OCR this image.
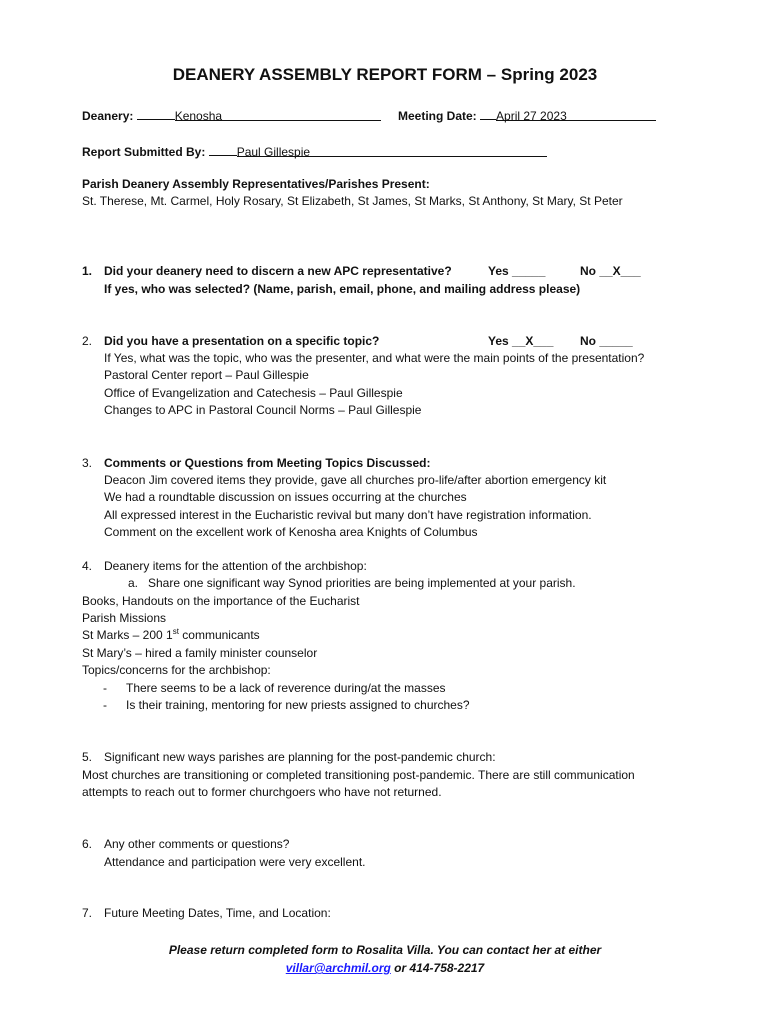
DEANERY ASSEMBLY REPORT FORM – Spring 2023
Deanery:	Kenosha	Meeting Date: April 27 2023
Report Submitted By:	Paul Gillespie
Parish Deanery Assembly Representatives/Parishes Present:
St. Therese, Mt. Carmel, Holy Rosary, St Elizabeth, St James, St Marks, St Anthony, St Mary, St Peter
1. Did your deanery need to discern a new APC representative?	Yes _____	No __X___
If yes, who was selected? (Name, parish, email, phone, and mailing address please)
2. Did you have a presentation on a specific topic?	Yes __X___ No _____
If Yes, what was the topic, who was the presenter, and what were the main points of the presentation?
Pastoral Center report – Paul Gillespie
Office of Evangelization and Catechesis – Paul Gillespie
Changes to APC in Pastoral Council Norms – Paul Gillespie
3. Comments or Questions from Meeting Topics Discussed:
Deacon Jim covered items they provide, gave all churches pro-life/after abortion emergency kit
We had a roundtable discussion on issues occurring at the churches
All expressed interest in the Eucharistic revival but many don’t have registration information.
Comment on the excellent work of Kenosha area Knights of Columbus
4. Deanery items for the attention of the archbishop:
a. Share one significant way Synod priorities are being implemented at your parish.
Books, Handouts on the importance of the Eucharist
Parish Missions
St Marks – 200 1st communicants
St Mary’s – hired a family minister counselor
Topics/concerns for the archbishop:
- There seems to be a lack of reverence during/at the masses
- Is their training, mentoring for new priests assigned to churches?
5. Significant new ways parishes are planning for the post-pandemic church:
Most churches are transitioning or completed transitioning post-pandemic. There are still communication
attempts to reach out to former churchgoers who have not returned.
6. Any other comments or questions?
Attendance and participation were very excellent.
7. Future Meeting Dates, Time, and Location:
Please return completed form to Rosalita Villa. You can contact her at either
villar@archmil.org or 414-758-2217
